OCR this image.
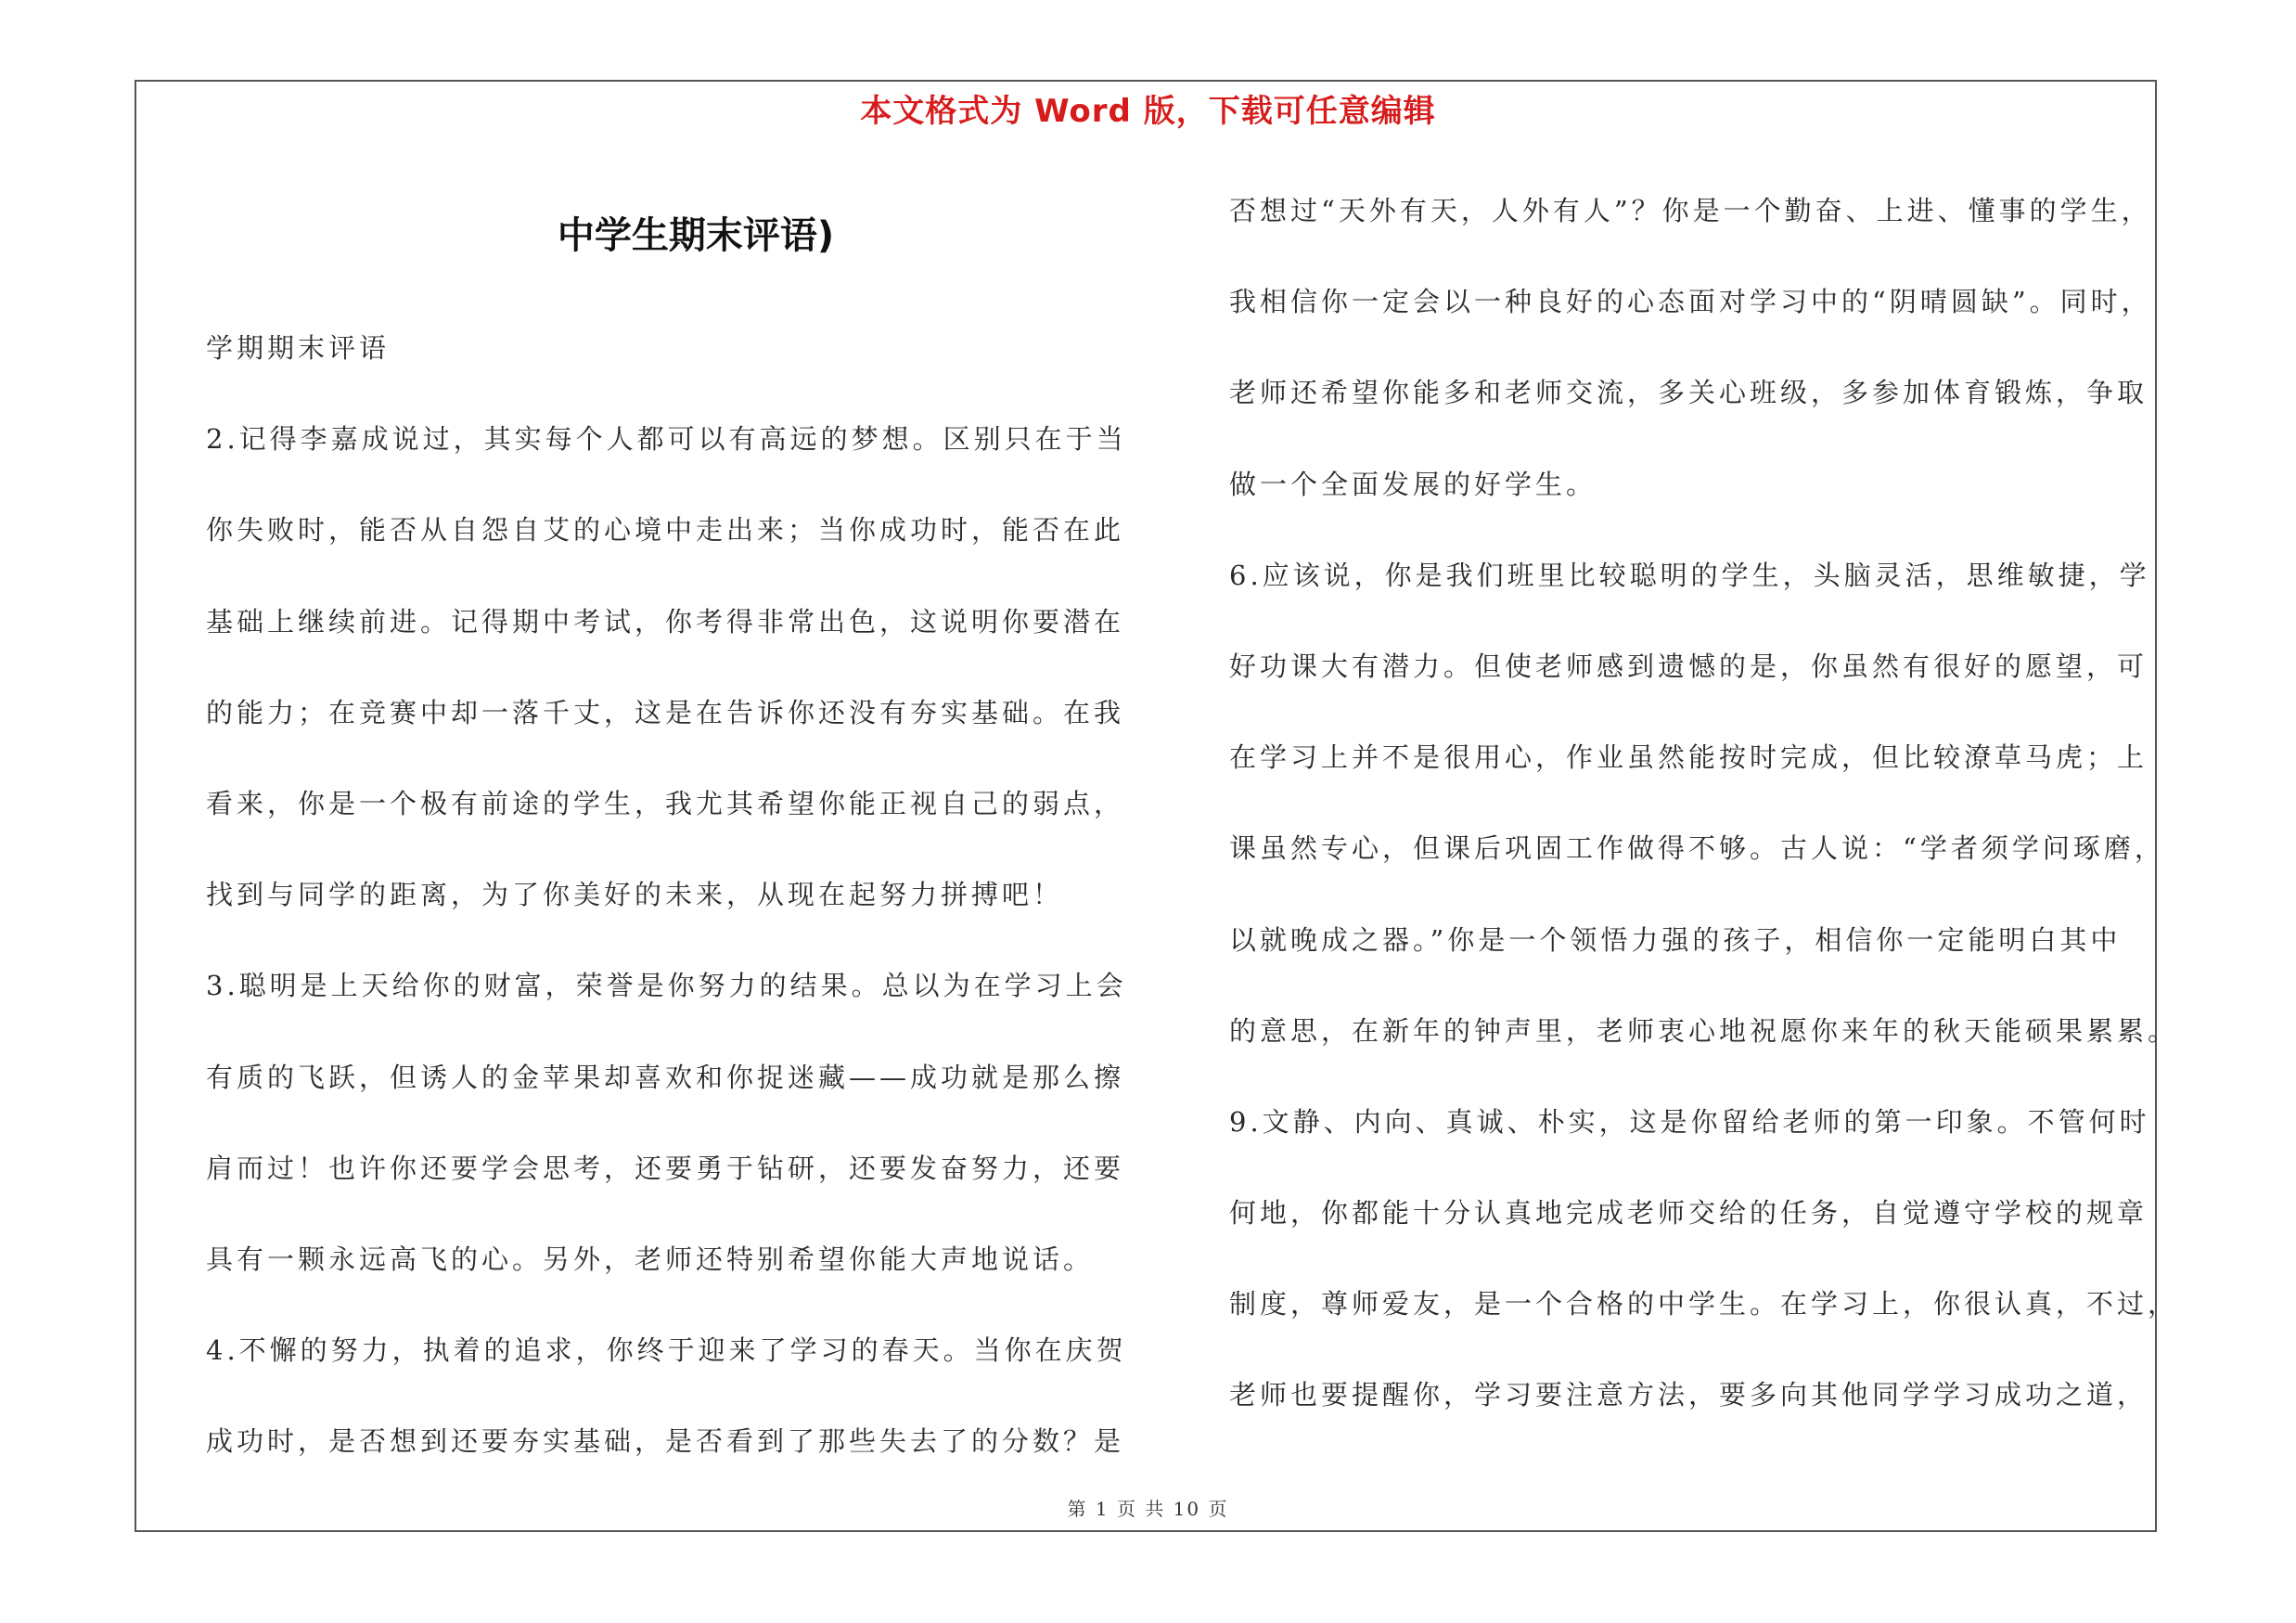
本文格式为 Word 版，下载可任意编辑
中学生期末评语)
学期期末评语
2.记得李嘉成说过，其实每个人都可以有高远的梦想。区别只在于当
你失败时，能否从自怨自艾的心境中走出来；当你成功时，能否在此
基础上继续前进。记得期中考试，你考得非常出色，这说明你要潜在
的能力；在竞赛中却一落千丈，这是在告诉你还没有夯实基础。在我
看来，你是一个极有前途的学生，我尤其希望你能正视自己的弱点，
找到与同学的距离，为了你美好的未来，从现在起努力拼搏吧！
3.聪明是上天给你的财富，荣誉是你努力的结果。总以为在学习上会
有质的飞跃，但诱人的金苹果却喜欢和你捉迷藏——成功就是那么擦
肩而过！也许你还要学会思考，还要勇于钻研，还要发奋努力，还要
具有一颗永远高飞的心。另外，老师还特别希望你能大声地说话。
4.不懈的努力，执着的追求，你终于迎来了学习的春天。当你在庆贺
成功时，是否想到还要夯实基础，是否看到了那些失去了的分数？是
否想过“天外有天，人外有人”？你是一个勤奋、上进、懂事的学生，
我相信你一定会以一种良好的心态面对学习中的“阴晴圆缺”。同时，
老师还希望你能多和老师交流，多关心班级，多参加体育锻炼，争取
做一个全面发展的好学生。
6.应该说，你是我们班里比较聪明的学生，头脑灵活，思维敏捷，学
好功课大有潜力。但使老师感到遗憾的是，你虽然有很好的愿望，可
在学习上并不是很用心，作业虽然能按时完成，但比较潦草马虎；上
课虽然专心，但课后巩固工作做得不够。古人说：“学者须学问琢磨，
以就晚成之器。”你是一个领悟力强的孩子，相信你一定能明白其中
的意思，在新年的钟声里，老师衷心地祝愿你来年的秋天能硕果累累。
9.文静、内向、真诚、朴实，这是你留给老师的第一印象。不管何时
何地，你都能十分认真地完成老师交给的任务，自觉遵守学校的规章
制度，尊师爱友，是一个合格的中学生。在学习上，你很认真，不过，
老师也要提醒你，学习要注意方法，要多向其他同学学习成功之道，
第 1 页 共 10 页
